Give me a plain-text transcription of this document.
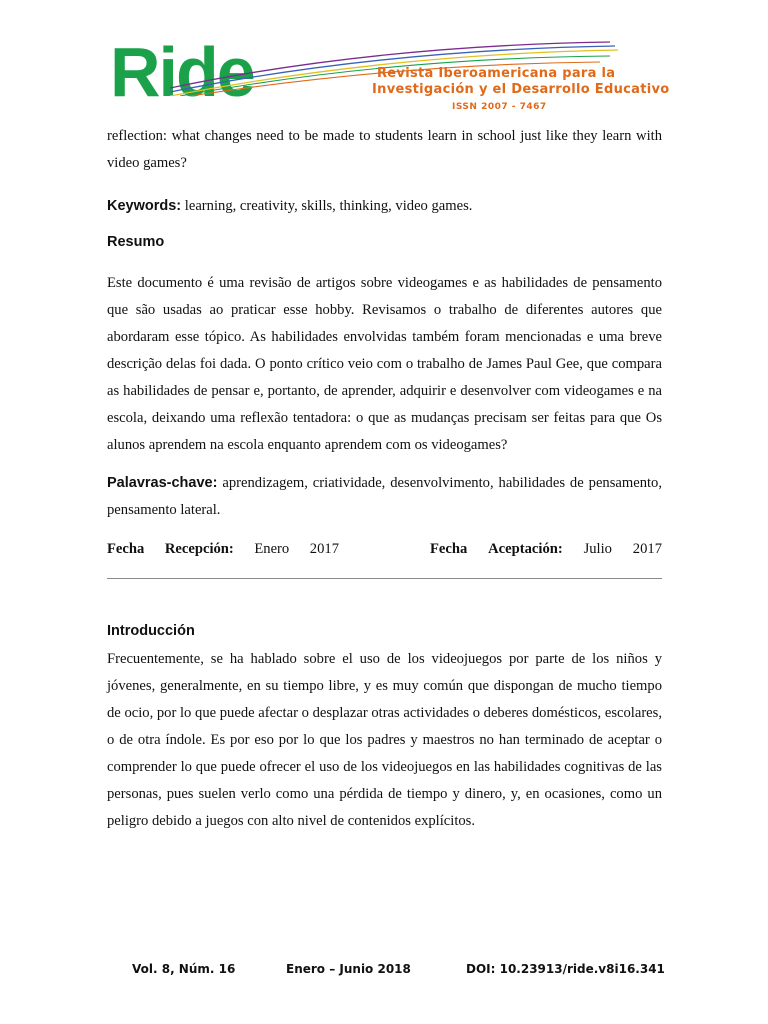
Ride	Revista Iberoamericana para la
Investigación y el Desarrollo Educativo
ISSN 2007 - 7467

reflection: what changes need to be made to students learn in school just like they learn with video games?

Keywords: learning, creativity, skills, thinking, video games.

Resumo

Este documento é uma revisão de artigos sobre videogames e as habilidades de pensamento que são usadas ao praticar esse hobby. Revisamos o trabalho de diferentes autores que abordaram esse tópico. As habilidades envolvidas também foram mencionadas e uma breve descrição delas foi dada. O ponto crítico veio com o trabalho de James Paul Gee, que compara as habilidades de pensar e, portanto, de aprender, adquirir e desenvolver com videogames e na escola, deixando uma reflexão tentadora: o que as mudanças precisam ser feitas para que Os alunos aprendem na escola enquanto aprendem com os videogames?

Palavras-chave: aprendizagem, criatividade, desenvolvimento, habilidades de pensamento, pensamento lateral.

Fecha Recepción: Enero 2017	Fecha Aceptación: Julio 2017

Introducción

Frecuentemente, se ha hablado sobre el uso de los videojuegos por parte de los niños y jóvenes, generalmente, en su tiempo libre, y es muy común que dispongan de mucho tiempo de ocio, por lo que puede afectar o desplazar otras actividades o deberes domésticos, escolares, o de otra índole. Es por eso por lo que los padres y maestros no han terminado de aceptar o comprender lo que puede ofrecer el uso de los videojuegos en las habilidades cognitivas de las personas, pues suelen verlo como una pérdida de tiempo y dinero, y, en ocasiones, como un peligro debido a juegos con alto nivel de contenidos explícitos.

Vol. 8, Núm. 16	Enero – Junio 2018	DOI: 10.23913/ride.v8i16.341
